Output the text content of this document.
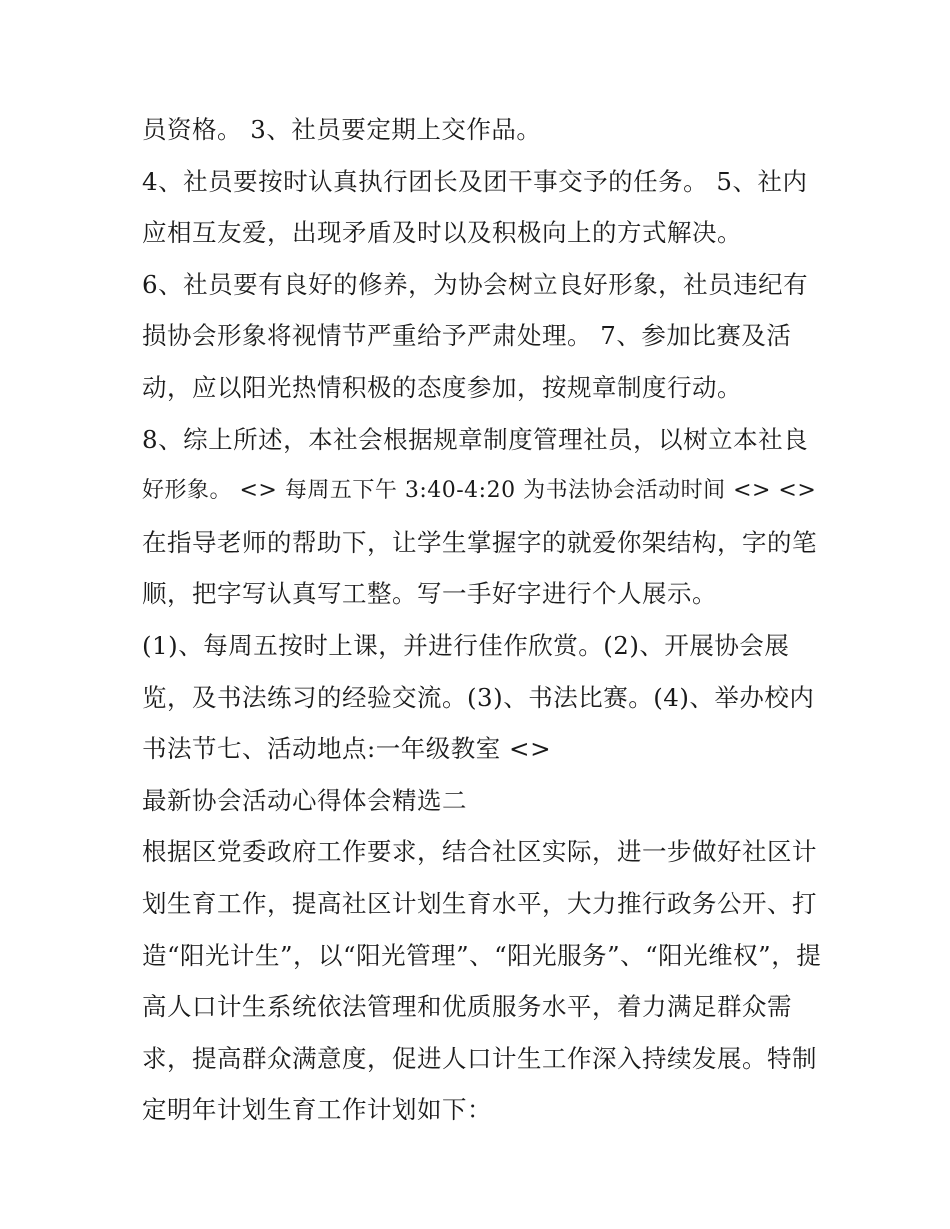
员资格。 3、社员要定期上交作品。
4、社员要按时认真执行团长及团干事交予的任务。 5、社内
应相互友爱，出现矛盾及时以及积极向上的方式解决。
6、社员要有良好的修养，为协会树立良好形象，社员违纪有
损协会形象将视情节严重给予严肃处理。 7、参加比赛及活
动，应以阳光热情积极的态度参加，按规章制度行动。
8、综上所述，本社会根据规章制度管理社员，以树立本社良
好形象。 <> 每周五下午 3:40-4:20 为书法协会活动时间 <> <>
在指导老师的帮助下，让学生掌握字的就爱你架结构，字的笔
顺，把字写认真写工整。写一手好字进行个人展示。
(1)、每周五按时上课，并进行佳作欣赏。(2)、开展协会展
览，及书法练习的经验交流。(3)、书法比赛。(4)、举办校内
书法节七、活动地点:一年级教室 <>
最新协会活动心得体会精选二
根据区党委政府工作要求，结合社区实际，进一步做好社区计
划生育工作，提高社区计划生育水平，大力推行政务公开、打
造“阳光计生”，以“阳光管理”、“阳光服务”、“阳光维权”，提
高人口计生系统依法管理和优质服务水平，着力满足群众需
求，提高群众满意度，促进人口计生工作深入持续发展。特制
定明年计划生育工作计划如下：
